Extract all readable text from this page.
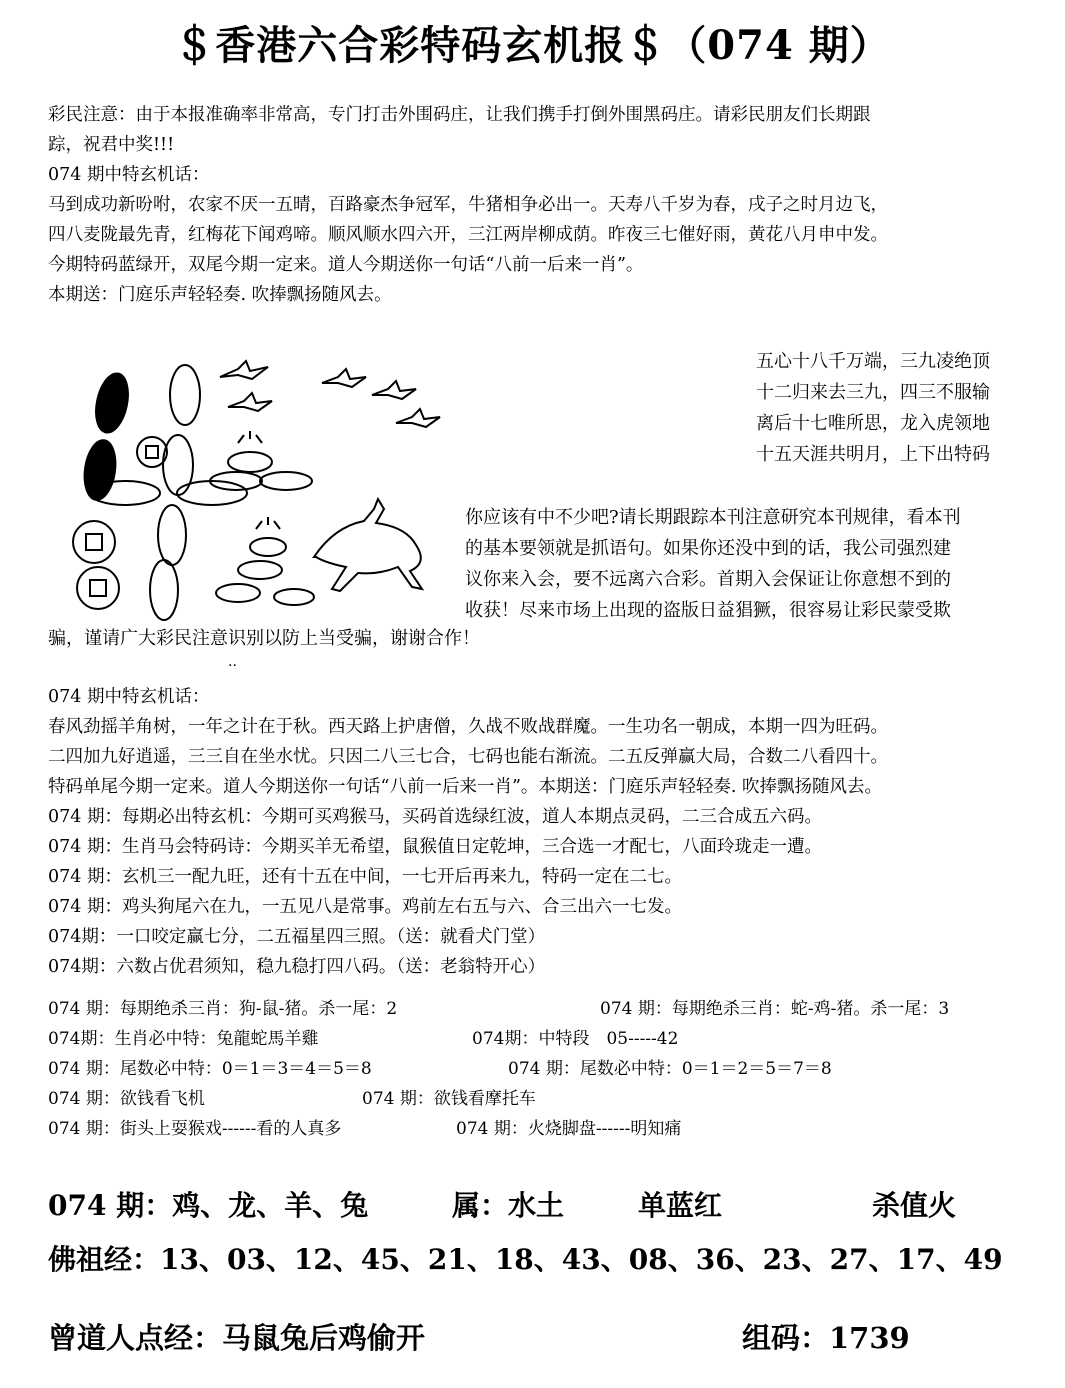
＄香港六合彩特码玄机报＄（074 期）
彩民注意：由于本报准确率非常高，专门打击外围码庄，让我们携手打倒外围黑码庄。请彩民朋友们长期跟
踪，祝君中奖!!!
074 期中特玄机话：
马到成功新吩咐，农家不厌一五晴，百路豪杰争冠军，牛猪相争必出一。天寿八千岁为春，戌子之时月边飞，
四八麦陇最先青，红梅花下闻鸡啼。顺风顺水四六开，三江两岸柳成荫。昨夜三七催好雨，黄花八月申中发。
今期特码蓝绿开，双尾今期一定来。道人今期送你一句话“八前一后来一肖”。
本期送：门庭乐声轻轻奏. 吹捧飘扬随风去。
五心十八千万端，三九凌绝顶
十二归来去三九，四三不服输
离后十七唯所思，龙入虎领地
十五天涯共明月，上下出特码
你应该有中不少吧?请长期跟踪本刊注意研究本刊规律，看本刊
的基本要领就是抓语句。如果你还没中到的话，我公司强烈建
议你来入会，要不远离六合彩。首期入会保证让你意想不到的
收获！尽来市场上出现的盗版日益猖獗，很容易让彩民蒙受欺
骗，谨请广大彩民注意识别以防上当受骗，谢谢合作！
..
074 期中特玄机话：
春风劲摇羊角树，一年之计在于秋。西天路上护唐僧，久战不败战群魔。一生功名一朝成，本期一四为旺码。
二四加九好逍遥，三三自在坐水忧。只因二八三七合，七码也能右渐流。二五反弹赢大局，合数二八看四十。
特码单尾今期一定来。道人今期送你一句话“八前一后来一肖”。本期送：门庭乐声轻轻奏. 吹捧飘扬随风去。
074 期：每期必出特玄机：今期可买鸡猴马，买码首选绿红波，道人本期点灵码，二三合成五六码。
074 期：生肖马会特码诗：今期买羊无希望，鼠猴值日定乾坤，三合选一才配七，八面玲珑走一遭。
074 期：玄机三一配九旺，还有十五在中间，一七开后再来九，特码一定在二七。
074 期：鸡头狗尾六在九，一五见八是常事。鸡前左右五与六、合三出六一七发。
074期：一口咬定赢七分，二五福星四三照。（送：就看犬门堂）
074期：六数占优君须知，稳九稳打四八码。（送：老翁特开心）
074 期：每期绝杀三肖：狗-鼠-猪。杀一尾：2	074 期：每期绝杀三肖：蛇-鸡-猪。杀一尾：3
074期：生肖必中特：兔龍蛇馬羊雞	074期：中特段　05-----42
074 期：尾数必中特：0＝1＝3＝4＝5＝8	074 期：尾数必中特：0＝1＝2＝5＝7＝8
074 期：欲钱看飞机	074 期：欲钱看摩托车
074 期：街头上耍猴戏------看的人真多	074 期：火烧脚盘------明知痛
074 期：鸡、龙、羊、兔	属：水土	单蓝红	杀值火
佛祖经：13、03、12、45、21、18、43、08、36、23、27、17、49
曾道人点经：马鼠兔后鸡偷开	组码：1739
